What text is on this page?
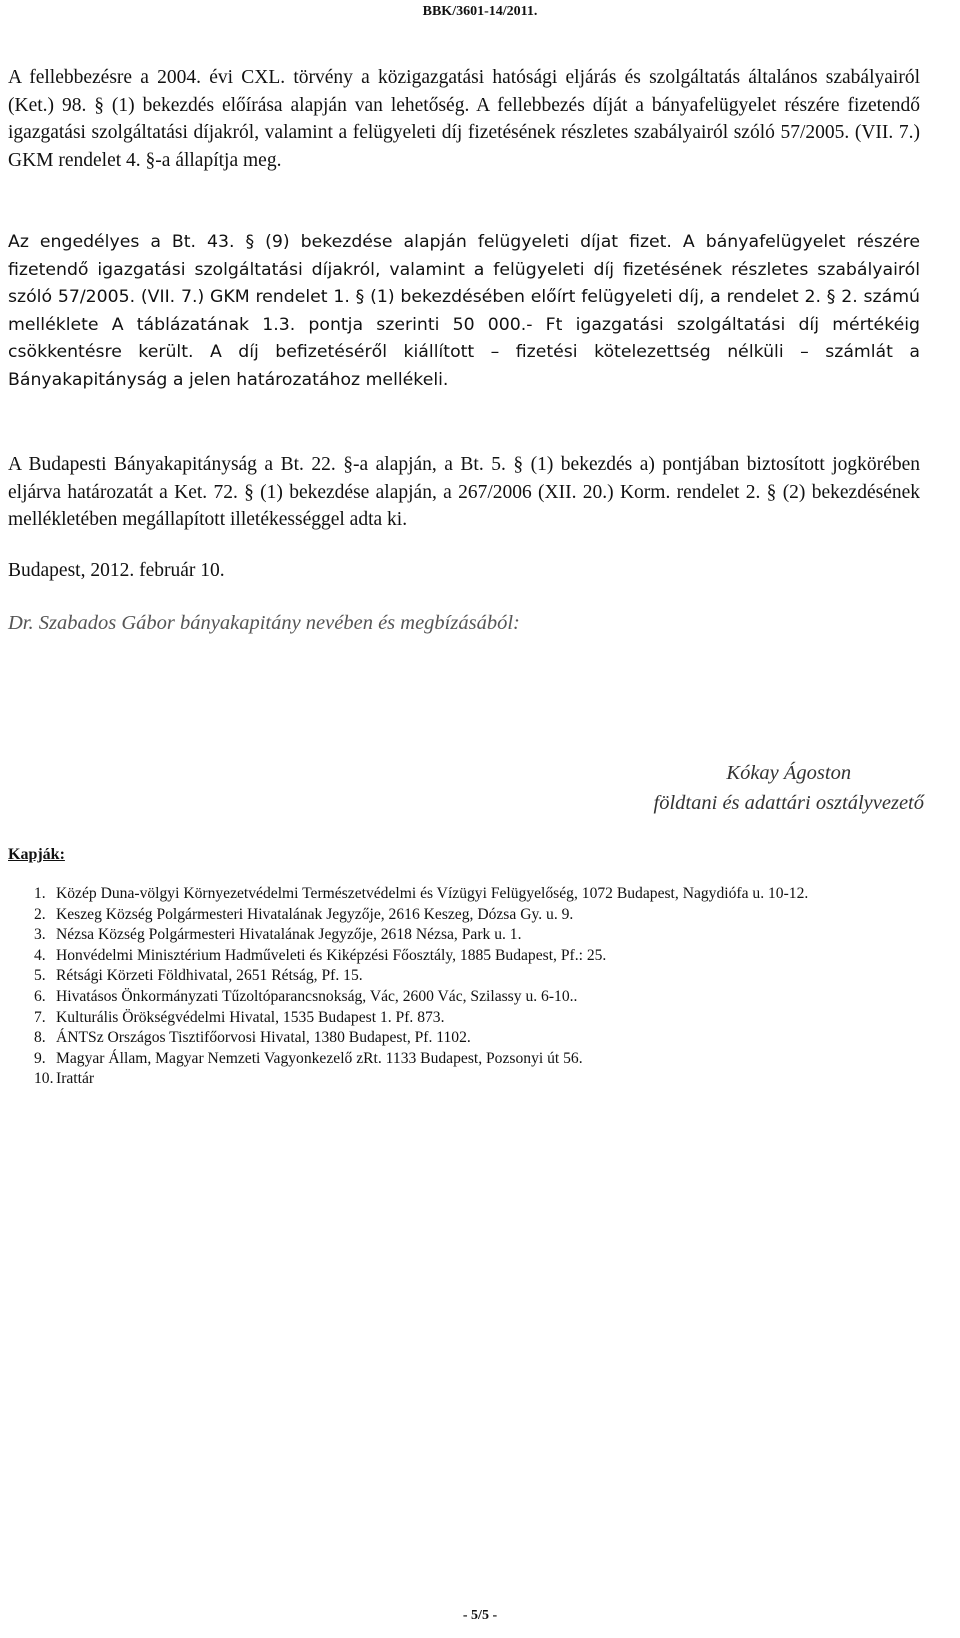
BBK/3601-14/2011.

A fellebbezésre a 2004. évi CXL. törvény a közigazgatási hatósági eljárás és szolgáltatás általános szabályairól (Ket.) 98. § (1) bekezdés előírása alapján van lehetőség. A fellebbezés díját a bányafelügyelet részére fizetendő igazgatási szolgáltatási díjakról, valamint a felügyeleti díj fizetésének részletes szabályairól szóló 57/2005. (VII. 7.) GKM rendelet 4. §-a állapítja meg.

Az engedélyes a Bt. 43. § (9) bekezdése alapján felügyeleti díjat fizet. A bányafelügyelet részére fizetendő igazgatási szolgáltatási díjakról, valamint a felügyeleti díj fizetésének részletes szabályairól szóló 57/2005. (VII. 7.) GKM rendelet 1. § (1) bekezdésében előírt felügyeleti díj, a rendelet 2. § 2. számú melléklete A táblázatának 1.3. pontja szerinti 50 000.- Ft igazgatási szolgáltatási díj mértékéig csökkentésre került. A díj befizetéséről kiállított – fizetési kötelezettség nélküli – számlát a Bányakapitányság a jelen határozatához mellékeli.

A Budapesti Bányakapitányság a Bt. 22. §-a alapján, a Bt. 5. § (1) bekezdés a) pontjában biztosított jogkörében eljárva határozatát a Ket. 72. § (1) bekezdése alapján, a 267/2006 (XII. 20.) Korm. rendelet 2. § (2) bekezdésének mellékletében megállapított illetékességgel adta ki.

Budapest, 2012. február 10.
Dr. Szabados Gábor bányakapitány nevében és megbízásából:
Kókay Ágoston
földtani és adattári osztályvezető
Kapják:
1. Közép Duna-völgyi Környezetvédelmi Természetvédelmi és Vízügyi Felügyelőség, 1072 Budapest, Nagydiófa u. 10-12.
2. Keszeg Község Polgármesteri Hivatalának Jegyzője, 2616 Keszeg, Dózsa Gy. u. 9.
3. Nézsa Község Polgármesteri Hivatalának Jegyzője, 2618 Nézsa, Park u. 1.
4. Honvédelmi Minisztérium Hadműveleti és Kiképzési Főosztály, 1885 Budapest, Pf.: 25.
5. Rétsági Körzeti Földhivatal, 2651 Rétság, Pf. 15.
6. Hivatásos Önkormányzati Tűzoltóparancsnokság, Vác, 2600 Vác, Szilassy u. 6-10..
7. Kulturális Örökségvédelmi Hivatal, 1535 Budapest 1. Pf. 873.
8. ÁNTSz Országos Tisztifőorvosi Hivatal, 1380 Budapest, Pf. 1102.
9. Magyar Állam, Magyar Nemzeti Vagyonkezelő zRt. 1133 Budapest, Pozsonyi út 56.
10. Irattár
- 5/5 -
